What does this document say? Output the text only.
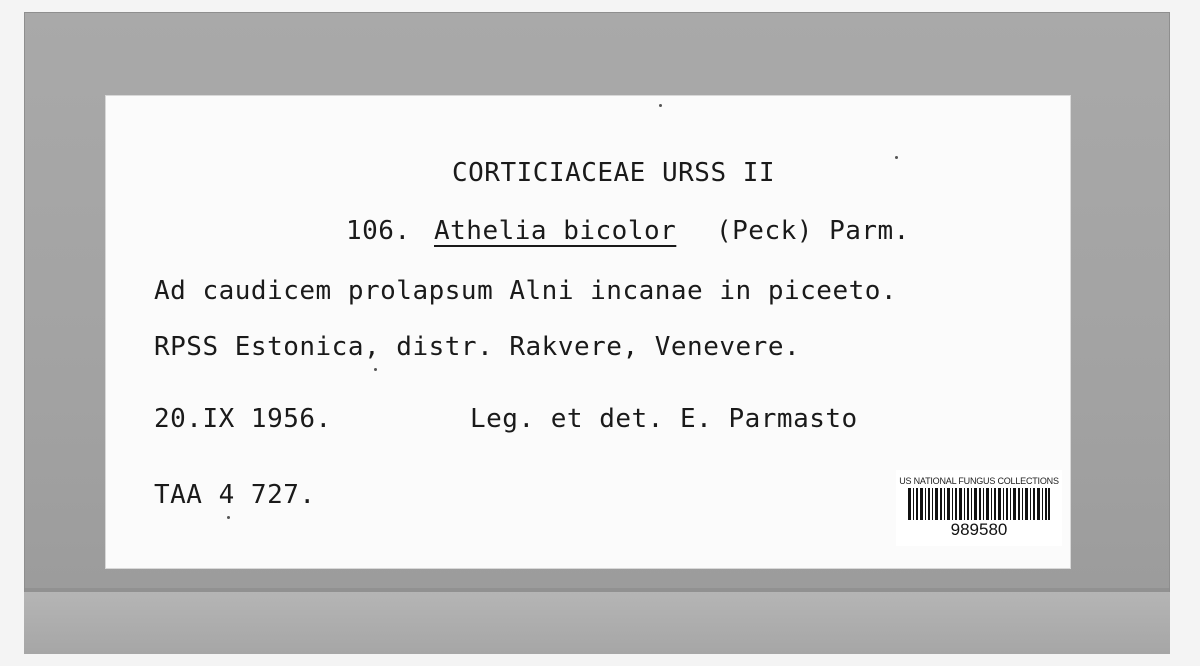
CORTICIACEAE URSS II
106. Athelia bicolor (Peck) Parm.
Ad caudicem prolapsum Alni incanae in piceeto.
RPSS Estonica, distr. Rakvere, Venevere.
20.IX 1956.	Leg. et det. E. Parmasto
TAA 4 727.	US NATIONAL FUNGUS COLLECTIONS
989580
